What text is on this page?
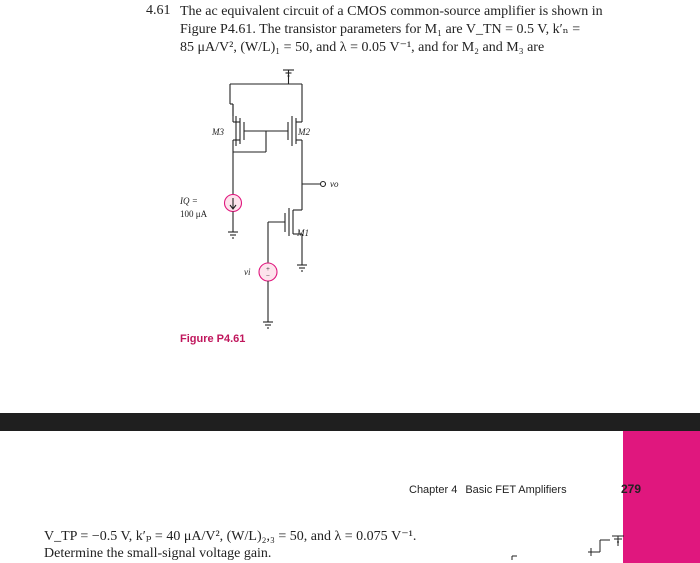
4.61 The ac equivalent circuit of a CMOS common-source amplifier is shown in
Figure P4.61. The transistor parameters for M₁ are V_TN = 0.5 V, k′ₙ =
85 μA/V², (W/L)₁ = 50, and λ = 0.05 V⁻¹, and for M₂ and M₃ are
+
−
M3	M2
M1
vo
IQ =
100 μA
vi
Figure P4.61
Chapter 4 Basic FET Amplifiers	279
V_TP = −0.5 V, k′ₚ = 40 μA/V², (W/L)₂,₃ = 50, and λ = 0.075 V⁻¹.
Determine the small-signal voltage gain.
